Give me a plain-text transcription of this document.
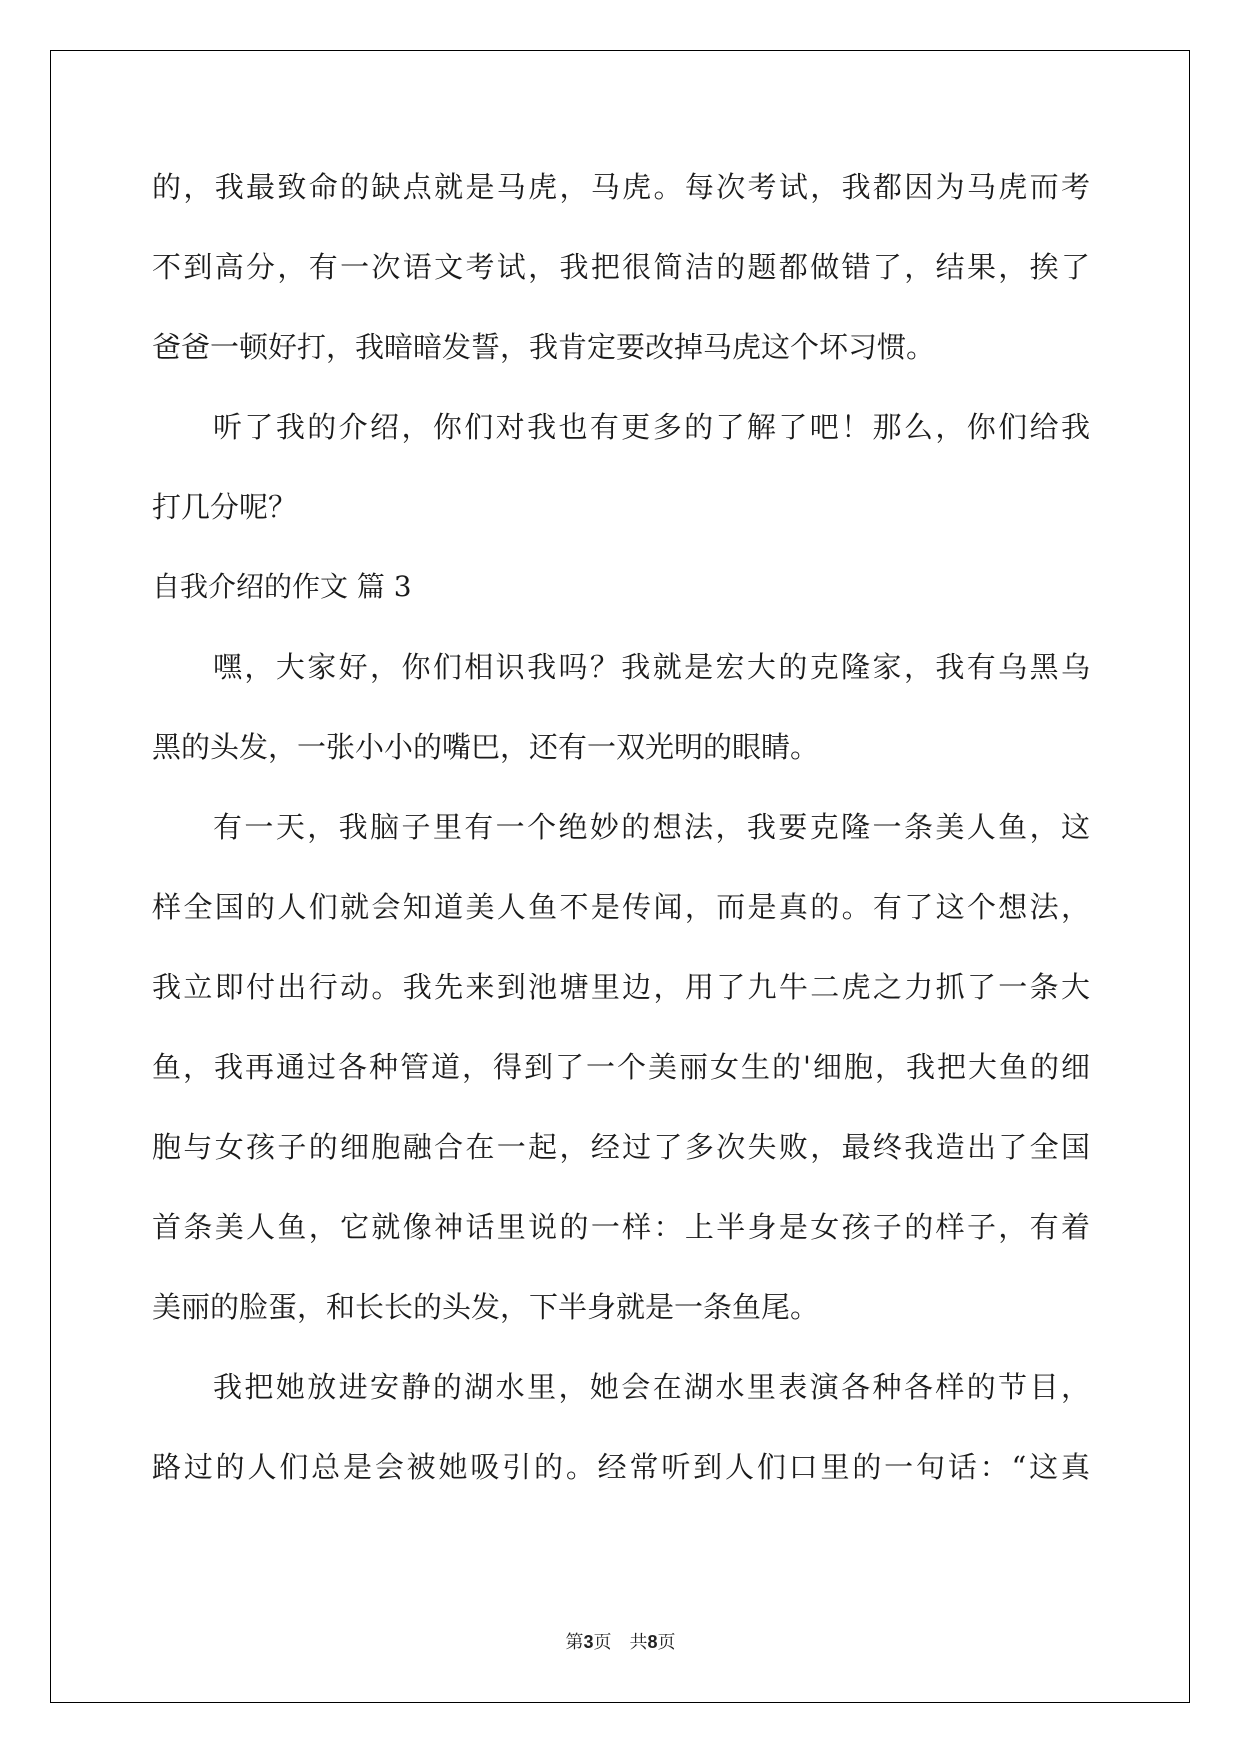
的，我最致命的缺点就是马虎，马虎。每次考试，我都因为马虎而考
不到高分，有一次语文考试，我把很简洁的题都做错了，结果，挨了
爸爸一顿好打，我暗暗发誓，我肯定要改掉马虎这个坏习惯。
听了我的介绍，你们对我也有更多的了解了吧！那么，你们给我
打几分呢？
自我介绍的作文 篇 3
嘿，大家好，你们相识我吗？我就是宏大的克隆家，我有乌黑乌
黑的头发，一张小小的嘴巴，还有一双光明的眼睛。
有一天，我脑子里有一个绝妙的想法，我要克隆一条美人鱼，这
样全国的人们就会知道美人鱼不是传闻，而是真的。有了这个想法，
我立即付出行动。我先来到池塘里边，用了九牛二虎之力抓了一条大
鱼，我再通过各种管道，得到了一个美丽女生的'细胞，我把大鱼的细
胞与女孩子的细胞融合在一起，经过了多次失败，最终我造出了全国
首条美人鱼，它就像神话里说的一样：上半身是女孩子的样子，有着
美丽的脸蛋，和长长的头发，下半身就是一条鱼尾。
我把她放进安静的湖水里，她会在湖水里表演各种各样的节目，
路过的人们总是会被她吸引的。经常听到人们口里的一句话：“这真
第3页　共8页
